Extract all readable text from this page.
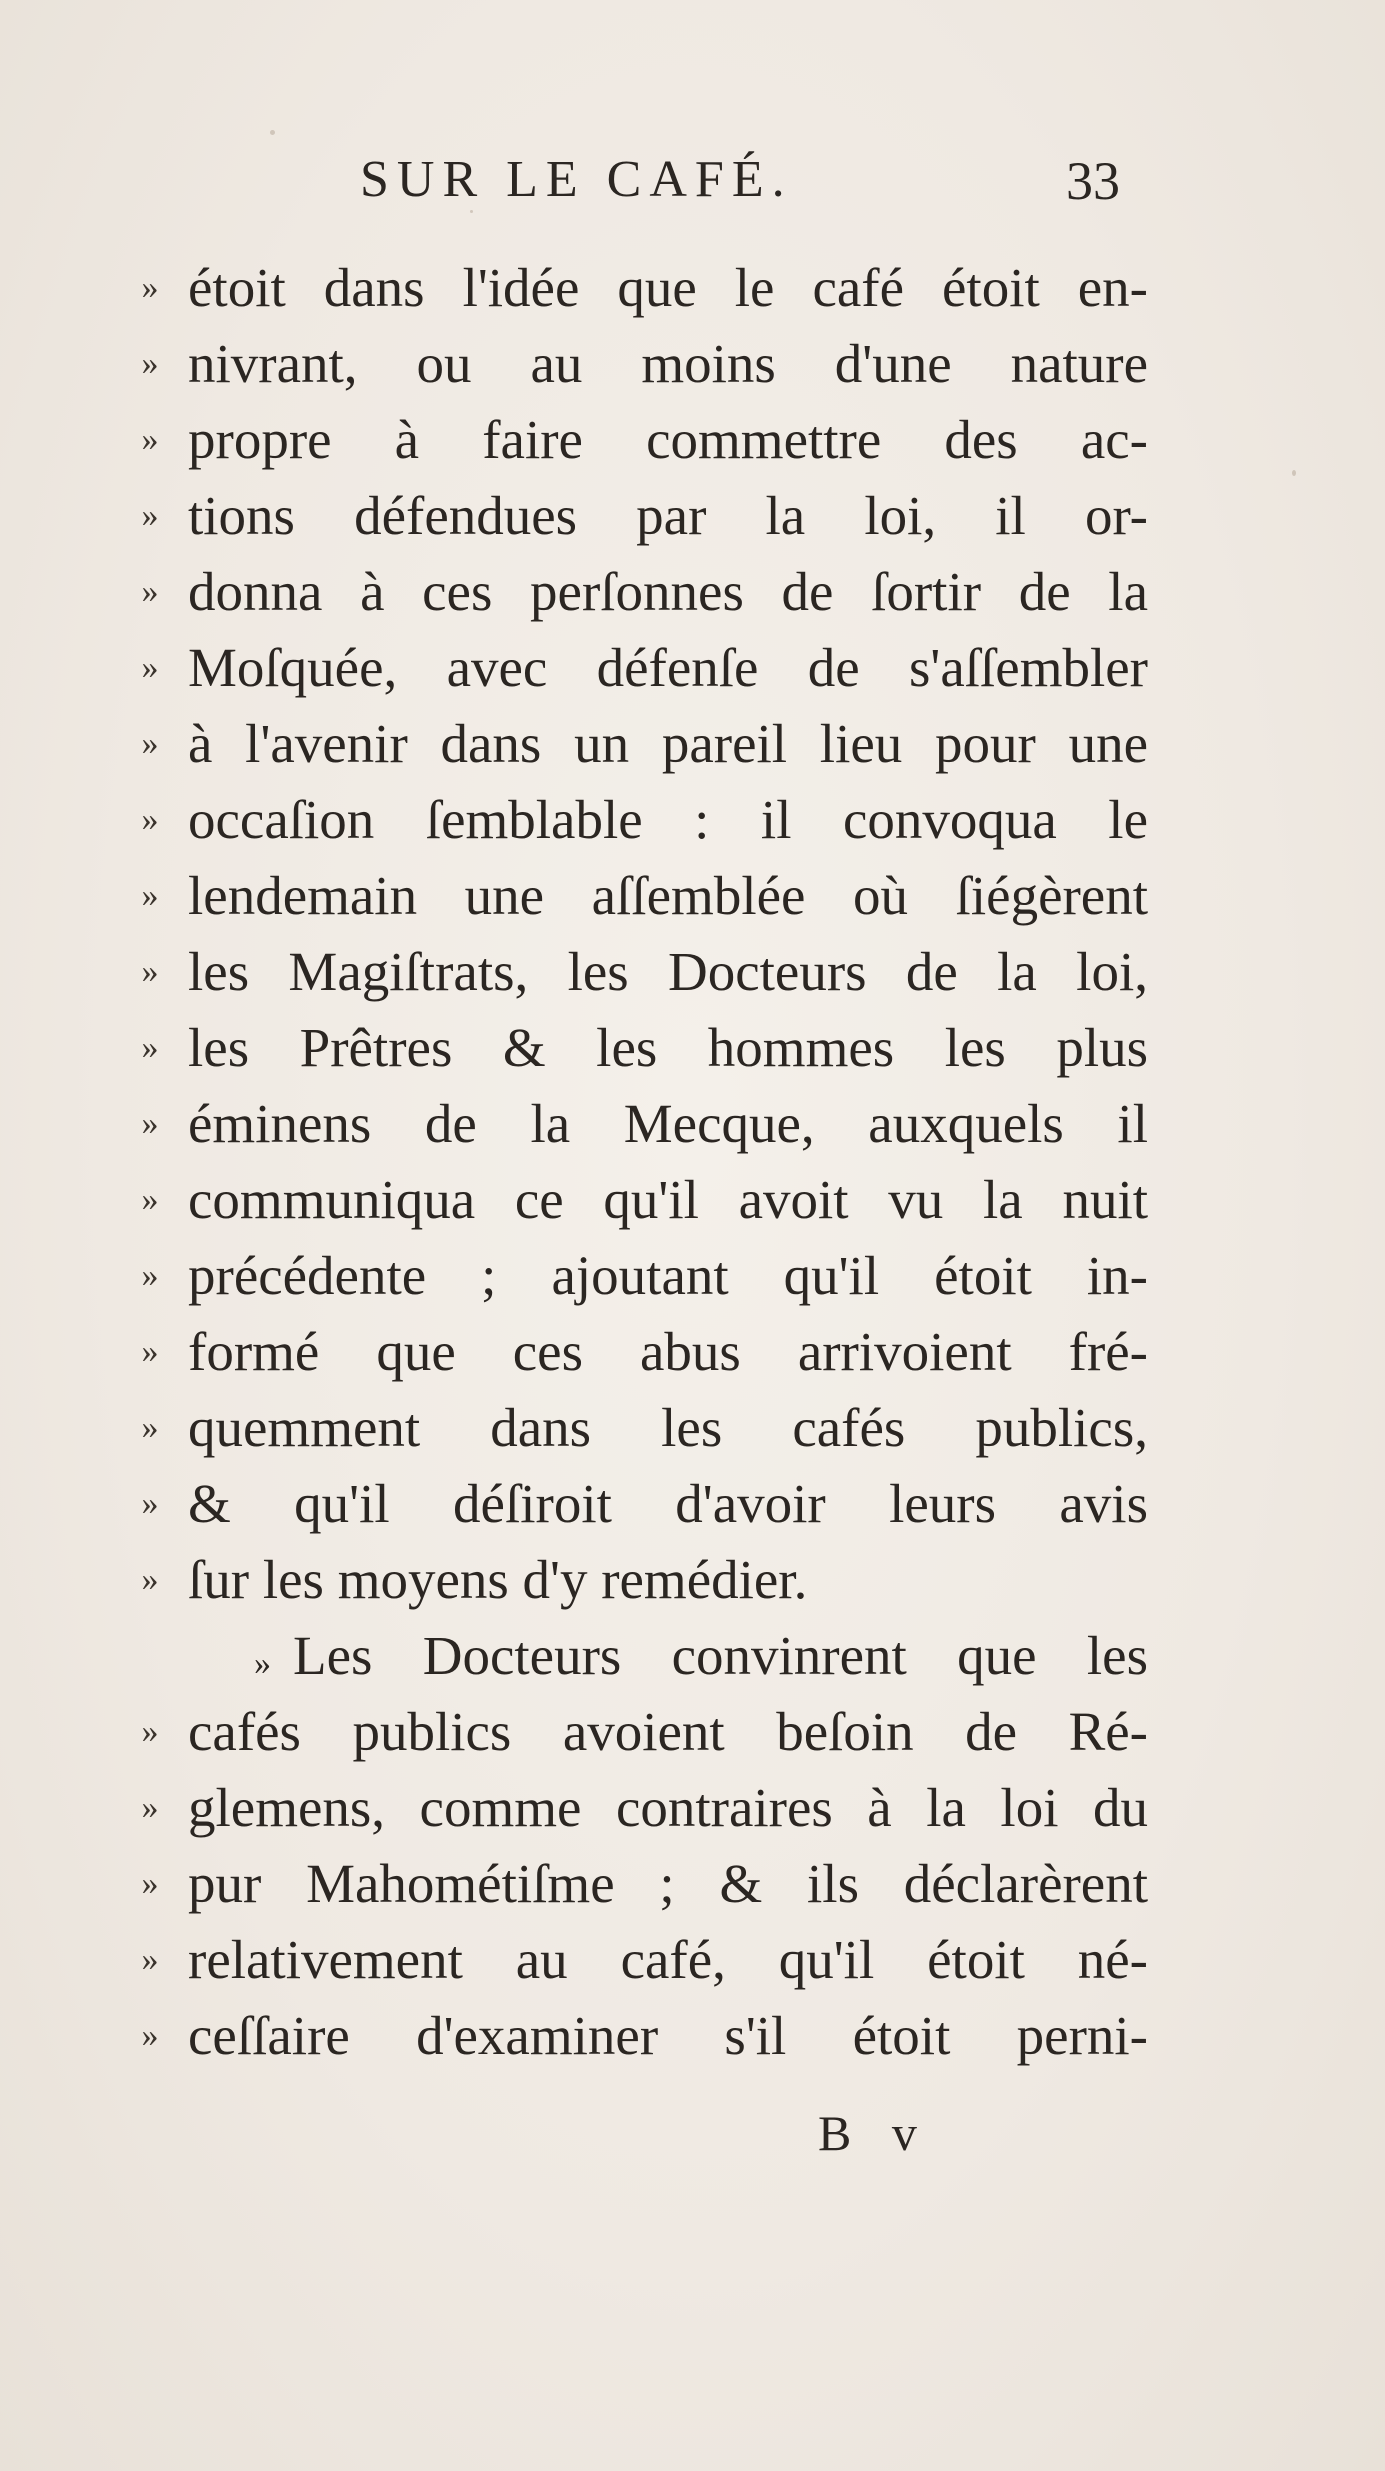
SUR LE CAFÉ.	33
»
»
»
»
»
»
»
»
»
»
»
»
»
»
»
»
»
»
»
»
»
»
»
étoit dans l'idée que le café étoit en-
nivrant, ou au moins d'une nature
propre à faire commettre des ac-
tions défendues par la loi, il or-
donna à ces perſonnes de ſortir de la
Moſquée, avec défenſe de s'aſſembler
à l'avenir dans un pareil lieu pour une
occaſion ſemblable : il convoqua le
lendemain une aſſemblée où ſiégèrent
les Magiſtrats, les Docteurs de la loi,
les Prêtres & les hommes les plus
éminens de la Mecque, auxquels il
communiqua ce qu'il avoit vu la nuit
précédente ; ajoutant qu'il étoit in-
formé que ces abus arrivoient fré-
quemment dans les cafés publics,
& qu'il déſiroit d'avoir leurs avis
ſur les moyens d'y remédier.
» Les Docteurs convinrent que les
cafés publics avoient beſoin de Ré-
glemens, comme contraires à la loi du
pur Mahométiſme ; & ils déclarèrent
relativement au café, qu'il étoit né-
ceſſaire d'examiner s'il étoit perni-
B v
